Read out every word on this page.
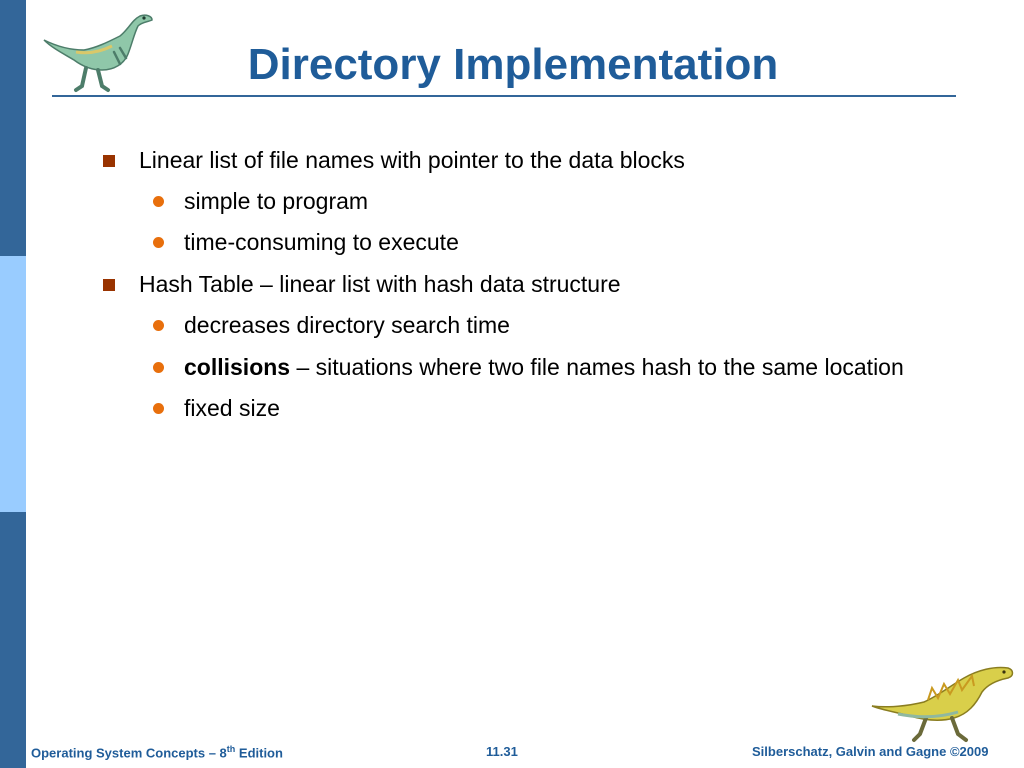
Directory Implementation
Linear list of file names with pointer to the data blocks
simple to program
time-consuming to execute
Hash Table – linear list with hash data structure
decreases directory search time
collisions – situations where two file names hash to the same location
fixed size
Operating System Concepts – 8th Edition	11.31	Silberschatz, Galvin and Gagne ©2009
